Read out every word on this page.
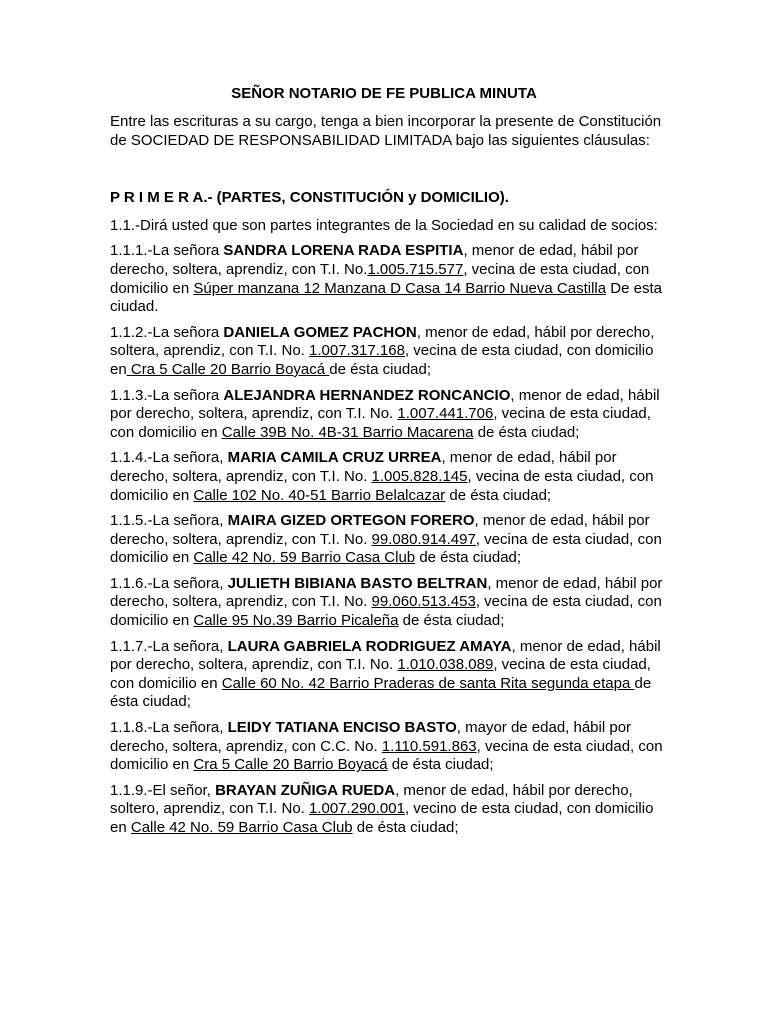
SEÑOR NOTARIO DE FE PUBLICA MINUTA

Entre las escrituras a su cargo, tenga a bien incorporar la presente de Constitución de SOCIEDAD DE RESPONSABILIDAD LIMITADA bajo las siguientes cláusulas:

P R I M E R A.- (PARTES, CONSTITUCIÓN y DOMICILIO).

1.1.-Dirá usted que son partes integrantes de la Sociedad en su calidad de socios:

1.1.1.-La señora SANDRA LORENA RADA ESPITIA, menor de edad, hábil por derecho, soltera, aprendiz, con T.I. No.1.005.715.577, vecina de esta ciudad, con domicilio en Súper manzana 12 Manzana D Casa 14 Barrio Nueva Castilla De esta ciudad.

1.1.2.-La señora DANIELA GOMEZ PACHON, menor de edad, hábil por derecho, soltera, aprendiz, con T.I. No. 1.007.317.168, vecina de esta ciudad, con domicilio en Cra 5 Calle 20 Barrio Boyacá de ésta ciudad;

1.1.3.-La señora ALEJANDRA HERNANDEZ RONCANCIO, menor de edad, hábil por derecho, soltera, aprendiz, con T.I. No. 1.007.441.706, vecina de esta ciudad, con domicilio en Calle 39B No. 4B-31 Barrio Macarena de ésta ciudad;

1.1.4.-La señora, MARIA CAMILA CRUZ URREA, menor de edad, hábil por derecho, soltera, aprendiz, con T.I. No. 1.005.828.145, vecina de esta ciudad, con domicilio en Calle 102 No. 40-51 Barrio Belalcazar de ésta ciudad;

1.1.5.-La señora, MAIRA GIZED ORTEGON FORERO, menor de edad, hábil por derecho, soltera, aprendiz, con T.I. No. 99.080.914.497, vecina de esta ciudad, con domicilio en Calle 42 No. 59 Barrio Casa Club de ésta ciudad;

1.1.6.-La señora, JULIETH BIBIANA BASTO BELTRAN, menor de edad, hábil por derecho, soltera, aprendiz, con T.I. No. 99.060.513.453, vecina de esta ciudad, con domicilio en Calle 95 No.39 Barrio Picaleña de ésta ciudad;

1.1.7.-La señora, LAURA GABRIELA RODRIGUEZ AMAYA, menor de edad, hábil por derecho, soltera, aprendiz, con T.I. No. 1.010.038.089, vecina de esta ciudad, con domicilio en Calle 60 No. 42 Barrio Praderas de santa Rita segunda etapa de ésta ciudad;

1.1.8.-La señora, LEIDY TATIANA ENCISO BASTO, mayor de edad, hábil por derecho, soltera, aprendiz, con C.C. No. 1.110.591.863, vecina de esta ciudad, con domicilio en Cra 5 Calle 20 Barrio Boyacá de ésta ciudad;

1.1.9.-El señor, BRAYAN ZUÑIGA RUEDA, menor de edad, hábil por derecho, soltero, aprendiz, con T.I. No. 1.007.290.001, vecino de esta ciudad, con domicilio en Calle 42 No. 59 Barrio Casa Club de ésta ciudad;
